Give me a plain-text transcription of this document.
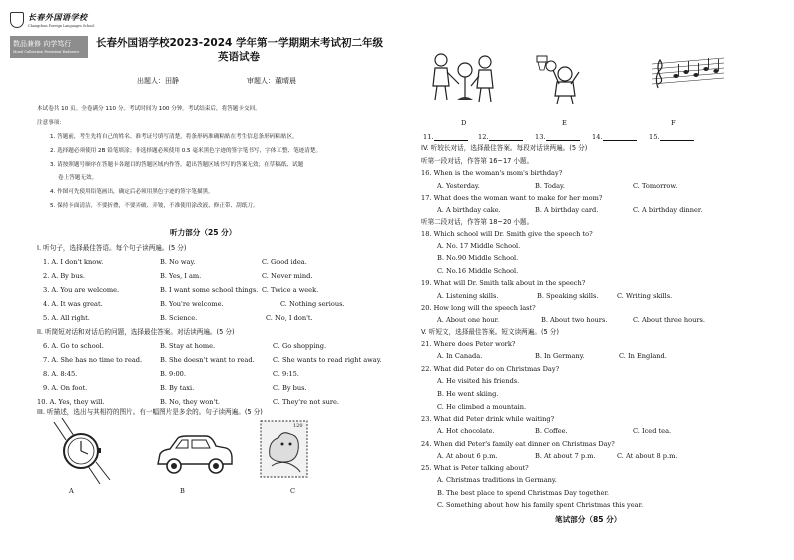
长春外国语学校
Changchun Foreign Languages School
数品兼修 向学笃行
Moral Cultivation Persistent Endeavor
长春外国语学校2023-2024 学年第一学期期末考试初二年级
英语试卷
出题人：田静	审题人：董晴晨
本试卷共 10 页。全卷满分 110 分。考试时间为 100 分钟。考试结束后，将答题卡交回。
注意事项：
1. 答题前，考生先将自己的姓名、准考证号填写清楚，将条形码准确粘贴在考生信息条形码粘贴区。
2. 选择题必须使用 2B 铅笔填涂；非选择题必须使用 0.5 毫米黑色字迹的签字笔书写，字体工整、笔迹清楚。
3. 请按照题号顺序在答题卡各题目的答题区域内作答，超出答题区域书写的答案无效；在草稿纸、试题
卷上答题无效。
4. 作图可先使用铅笔画出，确定后必须用黑色字迹的签字笔描黑。
5. 保持卡面清洁，不要折叠，不要弄破、弄皱，不准使用涂改液、修正带、刮纸刀。
听力部分（25 分）
I. 听句子，选择最佳答语。每个句子读两遍。(5 分)
1. A. I don't know.	B. No way.	C. Good idea.
2. A. By bus.	B. Yes, I am.	C. Never mind.
3. A. You are welcome.	B. I want some school things. C. Twice a week.
4. A. It was great.	B. You're welcome.	C. Nothing serious.
5. A. All right.	B. Science.	C. No, I don't.
II. 听简短对话和对话后的问题，选择最佳答案。对话读两遍。(5 分)
6. A. Go to school.	B. Stay at home.	C. Go shopping.
7. A. She has no time to read.	B. She doesn't want to read.	C. She wants to read right away.
8. A. 8:45.	B. 9:00.	C. 9:15.
9. A. On foot.	B. By taxi.	C. By bus.
10. A. Yes, they will.	B. No, they won't.	C. They're not sure.
III. 听描述，选出与其相符的图片。有一幅图片是多余的。句子读两遍。(5 分)
A	B
120
C
D	E	F
11.	12.	13.	14.	15.
IV. 听较长对话，选择最佳答案。每段对话读两遍。(5 分)
听第一段对话，作答第 16~17 小题。
16. When is the woman's mom's birthday?
A. Yesterday.	B. Today.	C. Tomorrow.
17. What does the woman want to make for her mom?
A. A birthday cake.	B. A birthday card.	C. A birthday dinner.
听第二段对话，作答第 18~20 小题。
18. Which school will Dr. Smith give the speech to?
A. No. 17 Middle School.
B. No.90 Middle School.
C. No.16 Middle School.
19. What will Dr. Smith talk about in the speech?
A. Listening skills.	B. Speaking skills.	C. Writing skills.
20. How long will the speech last?
A. About one hour.	B. About two hours.	C. About three hours.
V. 听短文，选择最佳答案。短文读两遍。(5 分)
21. Where does Peter work?
A. In Canada.	B. In Germany.	C. In England.
22. What did Peter do on Christmas Day?
A. He visited his friends.
B. He went skiing.
C. He climbed a mountain.
23. What did Peter drink while waiting?
A. Hot chocolate.	B. Coffee.	C. Iced tea.
24. When did Peter's family eat dinner on Christmas Day?
A. At about 6 p.m.	B. At about 7 p.m.	C. At about 8 p.m.
25. What is Peter talking about?
A. Christmas traditions in Germany.
B. The best place to spend Christmas Day together.
C. Something about how his family spent Christmas this year.
笔试部分（85 分）
